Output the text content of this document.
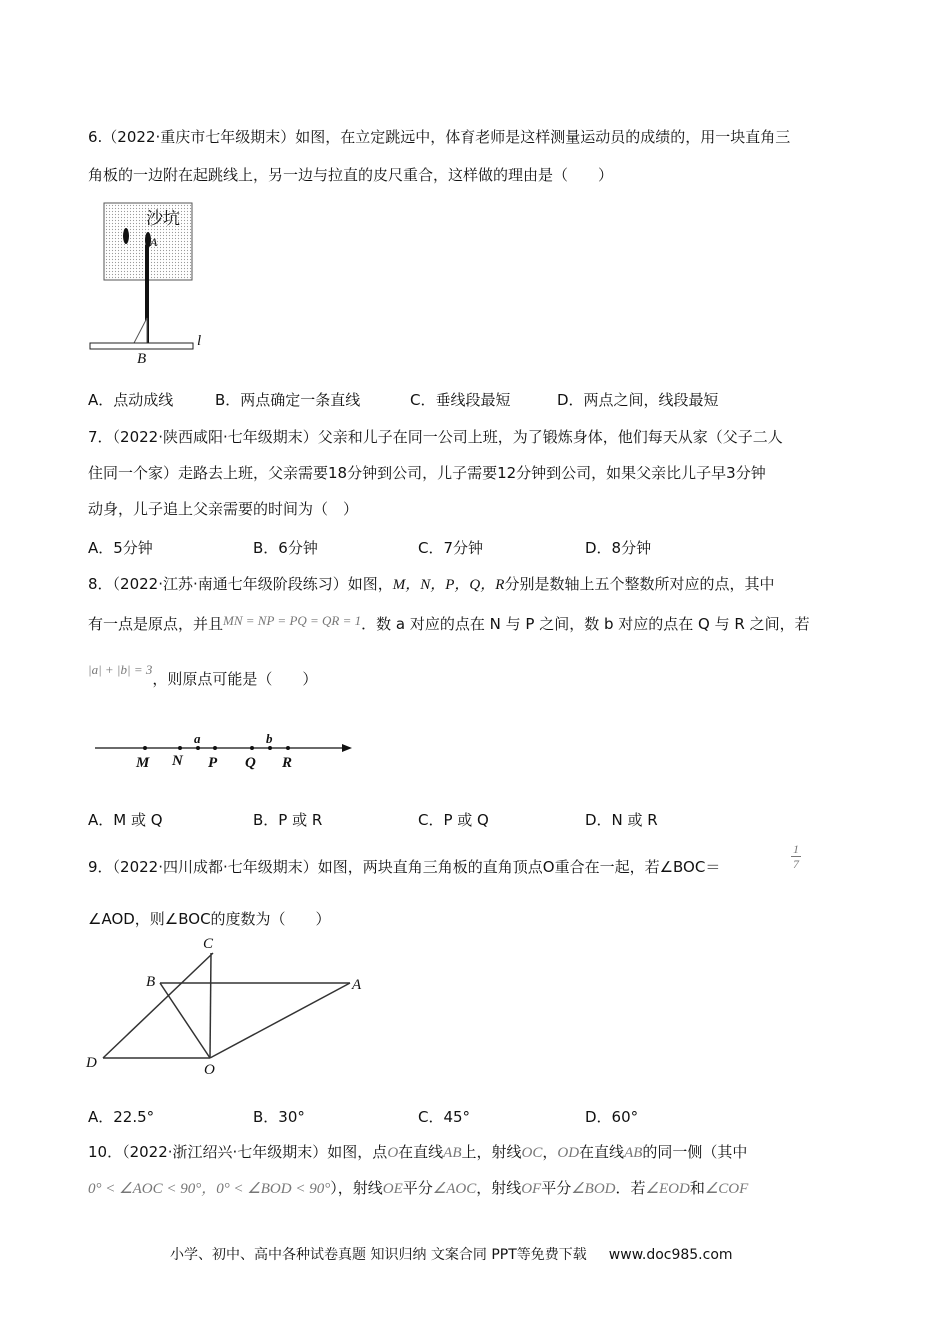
6.（2022·重庆市七年级期末）如图，在立定跳远中，体育老师是这样测量运动员的成绩的，用一块直角三
角板的一边附在起跳线上，另一边与拉直的皮尺重合，这样做的理由是（　　）
沙坑
A
B
l
A．点动成线	B．两点确定一条直线	C．垂线段最短	D．两点之间，线段最短
7．（2022·陕西咸阳·七年级期末）父亲和儿子在同一公司上班，为了锻炼身体，他们每天从家（父子二人
住同一个家）走路去上班，父亲需要18分钟到公司，儿子需要12分钟到公司，如果父亲比儿子早3分钟
动身，儿子追上父亲需要的时间为（　）
A．5分钟	B．6分钟	C．7分钟	D．8分钟
8．（2022·江苏·南通七年级阶段练习）如图，M，N，P，Q，R分别是数轴上五个整数所对应的点，其中
有一点是原点，并且MN = NP = PQ = QR = 1．数 a 对应的点在 N 与 P 之间，数 b 对应的点在 Q 与 R 之间，若
|a| + |b| = 3，则原点可能是（　　）
M N
a
P Q
b
R
A．M 或 Q	B．P 或 R	C．P 或 Q	D．N 或 R
9．（2022·四川成都·七年级期末）如图，两块直角三角板的直角顶点O重合在一起，若∠BOC＝	$\frac{1}{7}$
∠AOD，则∠BOC的度数为（　　）
C
B	A
D	O
A．22.5°	B．30°	C．45°	D．60°
10．（2022·浙江绍兴·七年级期末）如图，点O在直线AB上，射线OC，OD在直线AB的同一侧（其中
0° < ∠AOC < 90°，0° < ∠BOD < 90°），射线OE平分∠AOC，射线OF平分∠BOD．若∠EOD和∠COF
小学、初中、高中各种试卷真题 知识归纳 文案合同 PPT等免费下载 www.doc985.com
